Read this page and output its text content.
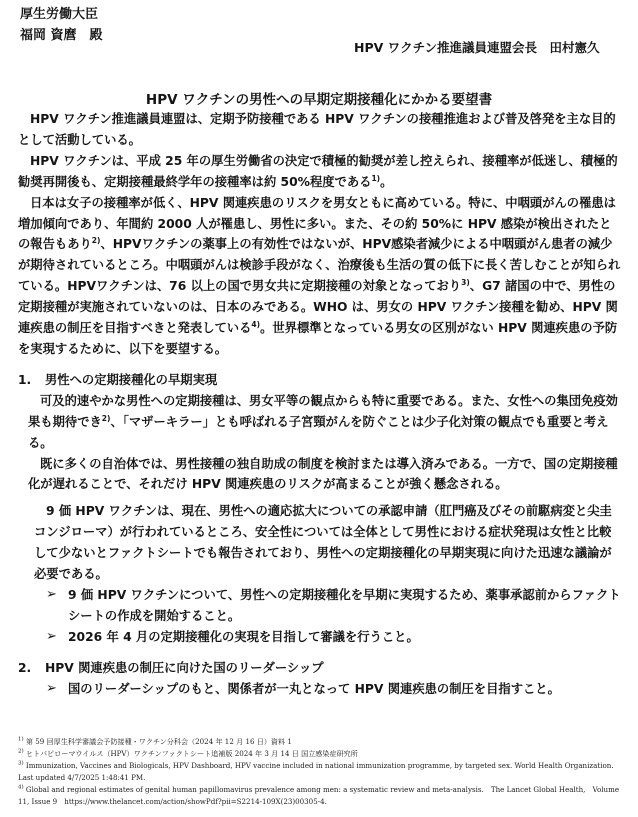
厚生労働大臣
福岡 資麿　殿
HPV ワクチン推進議員連盟会長　田村憲久
HPV ワクチンの男性への早期定期接種化にかかる要望書

HPV ワクチン推進議員連盟は、定期予防接種である HPV ワクチンの接種推進および普及啓発を主な目的として活動している。

HPV ワクチンは、平成 25 年の厚生労働省の決定で積極的勧奨が差し控えられ、接種率が低迷し、積極的勧奨再開後も、定期接種最終学年の接種率は約 50%程度である$^{1)}$。

日本は女子の接種率が低く、HPV 関連疾患のリスクを男女ともに高めている。特に、中咽頭がんの罹患は増加傾向であり、年間約 2000 人が罹患し、男性に多い。また、その約 50%に HPV 感染が検出されたとの報告もあり$^{2)}$、HPVワクチンの薬事上の有効性ではないが、HPV感染者減少による中咽頭がん患者の減少が期待されているところ。中咽頭がんは検診手段がなく、治療後も生活の質の低下に長く苦しむことが知られている。HPVワクチンは、76 以上の国で男女共に定期接種の対象となっており$^{3)}$、G7 諸国の中で、男性の定期接種が実施されていないのは、日本のみである。WHO は、男女の HPV ワクチン接種を勧め、HPV 関連疾患の制圧を目指すべきと発表している$^{4)}$。世界標準となっている男女の区別がない HPV 関連疾患の予防を実現するために、以下を要望する。

1. 男性への定期接種化の早期実現

可及的速やかな男性への定期接種は、男女平等の観点からも特に重要である。また、女性への集団免疫効果も期待でき$^{2)}$、「マザーキラー」とも呼ばれる子宮頸がんを防ぐことは少子化対策の観点でも重要と考える。

既に多くの自治体では、男性接種の独自助成の制度を検討または導入済みである。一方で、国の定期接種化が遅れることで、それだけ HPV 関連疾患のリスクが高まることが強く懸念される。

9 価 HPV ワクチンは、現在、男性への適応拡大についての承認申請（肛門癌及びその前駆病変と尖圭コンジローマ）が行われているところ、安全性については全体として男性における症状発現は女性と比較して少ないとファクトシートでも報告されており、男性への定期接種化の早期実現に向けた迅速な議論が必要である。

➢ 9 価 HPV ワクチンについて、男性への定期接種化を早期に実現するため、薬事承認前からファクトシートの作成を開始すること。
➢ 2026 年 4 月の定期接種化の実現を目指して審議を行うこと。

2. HPV 関連疾患の制圧に向けた国のリーダーシップ

➢ 国のリーダーシップのもと、関係者が一丸となって HPV 関連疾患の制圧を目指すこと。
$^{1)}$ 第 59 回厚生科学審議会予防接種・ワクチン分科会（2024 年 12 月 16 日）資料 1
$^{2)}$ ヒトパピローマウイルス（HPV）ワクチンファクトシート追補版 2024 年 3 月 14 日 国立感染症研究所
$^{3)}$ Immunization, Vaccines and Biologicals, HPV Dashboard, HPV vaccine included in national immunization programme, by targeted sex. World Health Organization.
Last updated 4/7/2025 1:48:41 PM.
$^{4)}$ Global and regional estimates of genital human papillomavirus prevalence among men: a systematic review and meta-analysis.　The Lancet Global Health,　Volume 11, Issue 9　https://www.thelancet.com/action/showPdf?pii=S2214-109X(23)00305-4.
